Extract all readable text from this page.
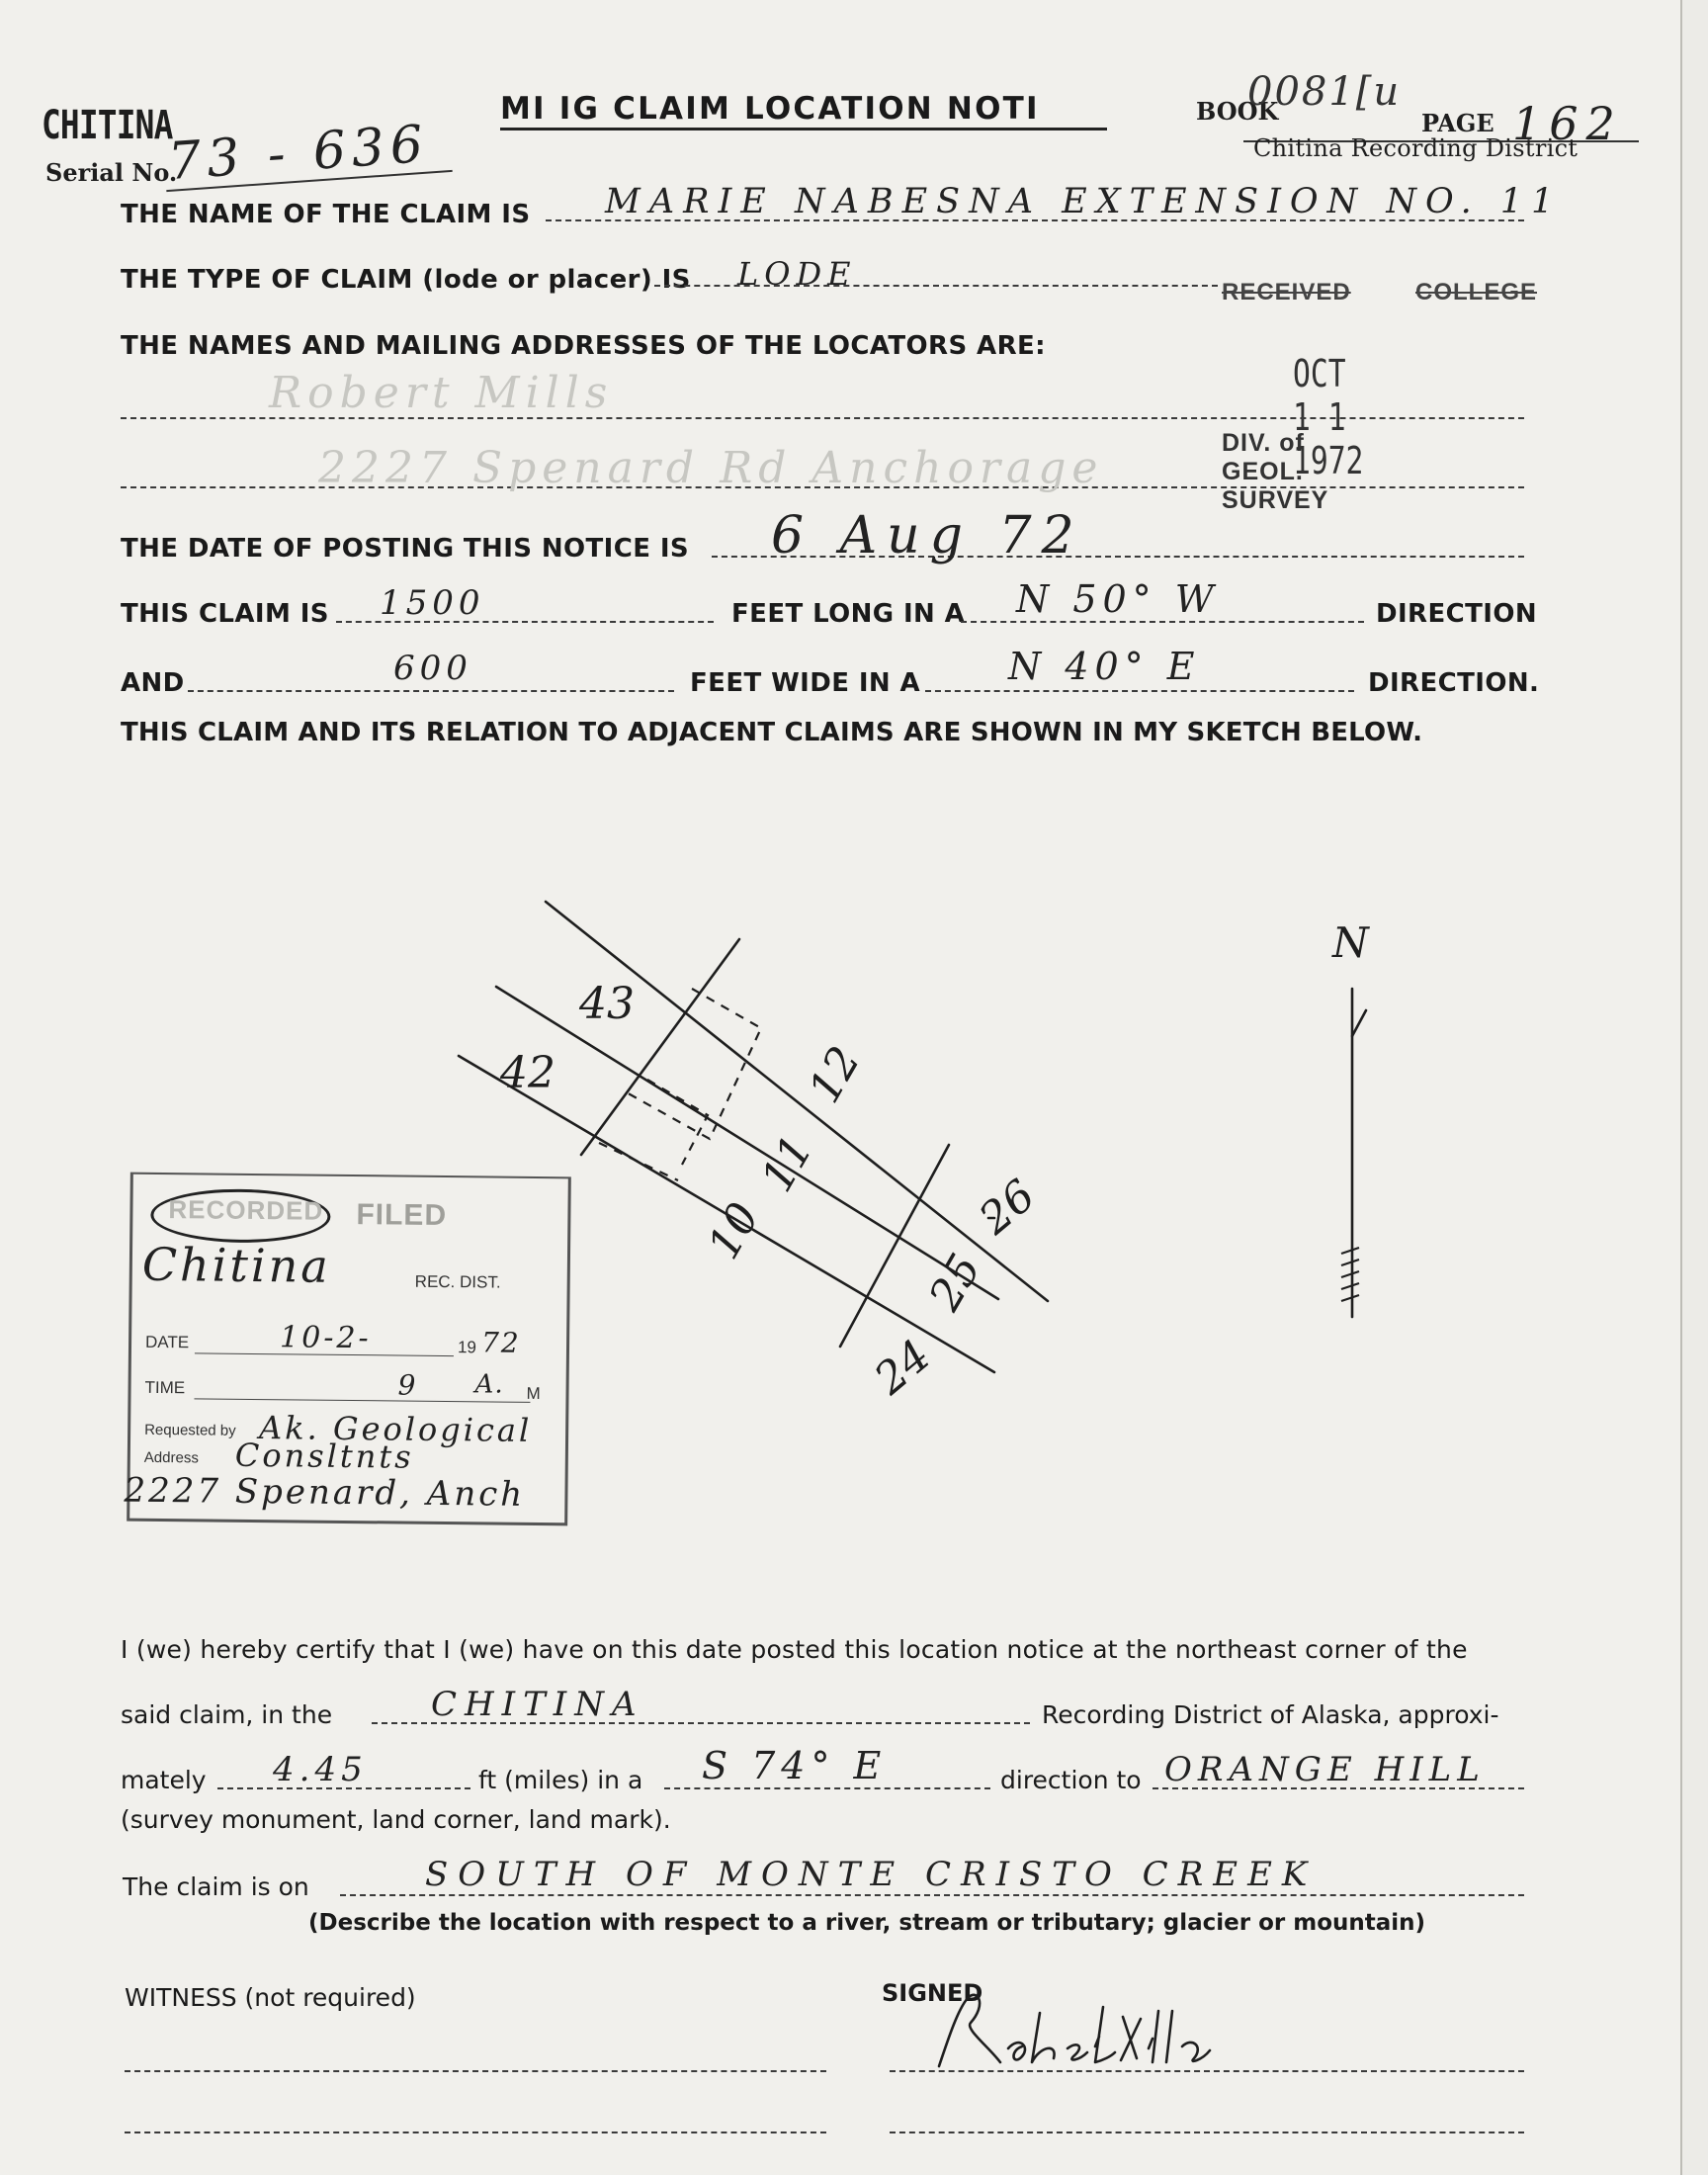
CHITINA
Serial No.
73 - 636
MI IG CLAIM LOCATION NOTI	BOOK
0081[u
PAGE 162
Chitina Recording District
THE NAME OF THE CLAIM IS MARIE NABESNA EXTENSION NO. 11
THE TYPE OF CLAIM (lode or placer) IS LODE	RECEIVED	COLLEGE
OCT 1 1 1972
DIV. of GEOL. SURVEY
THE NAMES AND MAILING ADDRESSES OF THE LOCATORS ARE:
Robert Mills
2227 Spenard Rd Anchorage
THE DATE OF POSTING THIS NOTICE IS 6 Aug 72
THIS CLAIM IS 1500	FEET LONG IN A N 50° W	DIRECTION
AND	600	FEET WIDE IN A N 40° E	DIRECTION.
THIS CLAIM AND ITS RELATION TO ADJACENT CLAIMS ARE SHOWN IN MY SKETCH BELOW.
43
42	12
11
10	26
25
24
N
RECORDED FILED
Chitina	REC. DIST.
DATE	10-2-	19 72
TIME	9 A. M
Requested by Ak. Geological
Address Consltnts
2227 Spenard, Anch
I (we) hereby certify that I (we) have on this date posted this location notice at the northeast corner of the
said claim, in the	CHITINA	Recording District of Alaska, approxi-
mately 4.45	ft (miles) in a S 74° E	direction to ORANGE HILL
(survey monument, land corner, land mark).
The claim is on	SOUTH OF MONTE CRISTO CREEK
(Describe the location with respect to a river, stream or tributary; glacier or mountain)
WITNESS (not required)	SIGNED
